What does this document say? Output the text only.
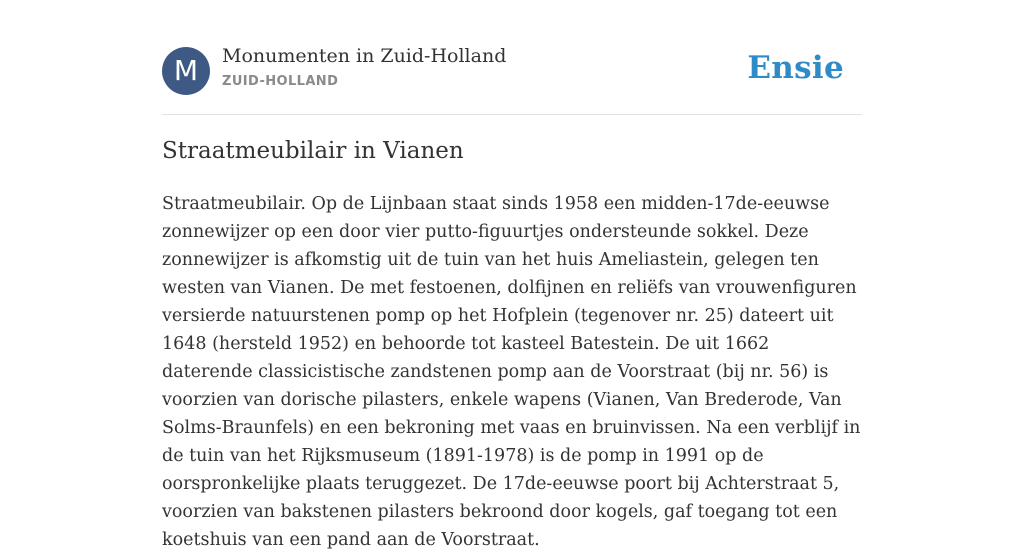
M	Monumenten in Zuid-Holland
ZUID-HOLLAND	Ensie
Straatmeubilair in Vianen

Straatmeubilair. Op de Lijnbaan staat sinds 1958 een midden-17de-eeuwse zonnewijzer op een door vier putto-figuurtjes ondersteunde sokkel. Deze zonnewijzer is afkomstig uit de tuin van het huis Ameliastein, gelegen ten westen van Vianen. De met festoenen, dolfijnen en reliëfs van vrouwenfiguren versierde natuurstenen pomp op het Hofplein (tegenover nr. 25) dateert uit 1648 (hersteld 1952) en behoorde tot kasteel Batestein. De uit 1662 daterende classicistische zandstenen pomp aan de Voorstraat (bij nr. 56) is voorzien van dorische pilasters, enkele wapens (Vianen, Van Brederode, Van Solms-Braunfels) en een bekroning met vaas en bruinvissen. Na een verblijf in de tuin van het Rijksmuseum (1891-1978) is de pomp in 1991 op de oorspronkelijke plaats teruggezet. De 17de-eeuwse poort bij Achterstraat 5, voorzien van bakstenen pilasters bekroond door kogels, gaf toegang tot een koetshuis van een pand aan de Voorstraat.
